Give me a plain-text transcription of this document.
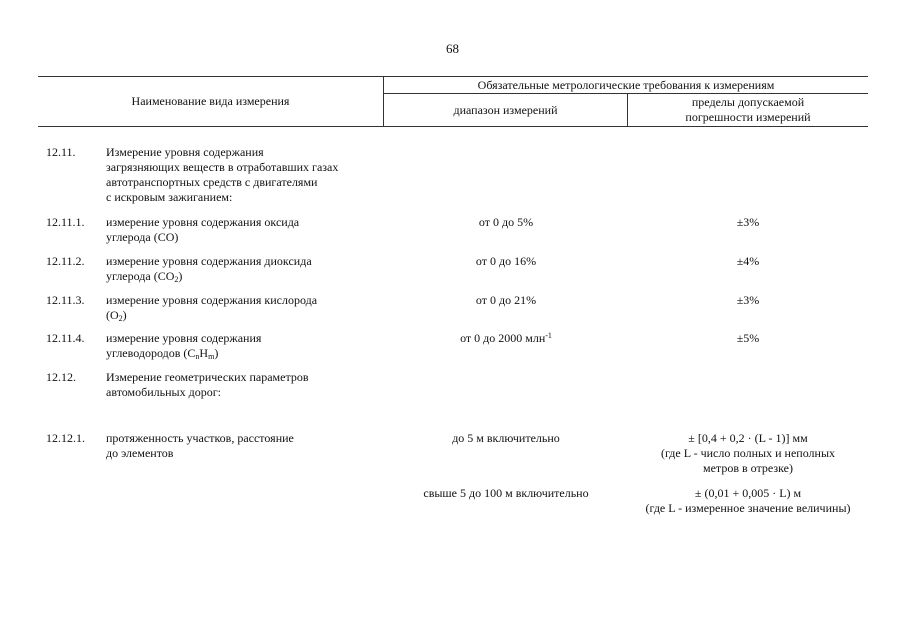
68
Наименование вида измерения
Обязательные метрологические требования к измерениям
диапазон измерений
пределы допускаемой
погрешности измерений
12.11.	Измерение уровня содержания
загрязняющих веществ в отработавших газах
автотранспортных средств с двигателями
с искровым зажиганием:
12.11.1.	измерение уровня содержания оксида
углерода (CO)
от 0 до 5%	±3%
12.11.2.	измерение уровня содержания диоксида
углерода $(CO_2)$
от 0 до 16%	±4%
12.11.3.	измерение уровня содержания кислорода
$(O_2)$
от 0 до 21%	±3%
12.11.4.	измерение уровня содержания
углеводородов $(C_nH_m)$
от 0 до 2000 млн$^{-1}$	±5%
12.12.	Измерение геометрических параметров
автомобильных дорог:
12.12.1.	протяженность участков, расстояние
до элементов
до 5 м включительно	± [0,4 + 0,2 · (L - 1)] мм
(где L - число полных и неполных
метров в отрезке)
свыше 5 до 100 м включительно	± (0,01 + 0,005 · L) м
(где L - измеренное значение величины)
